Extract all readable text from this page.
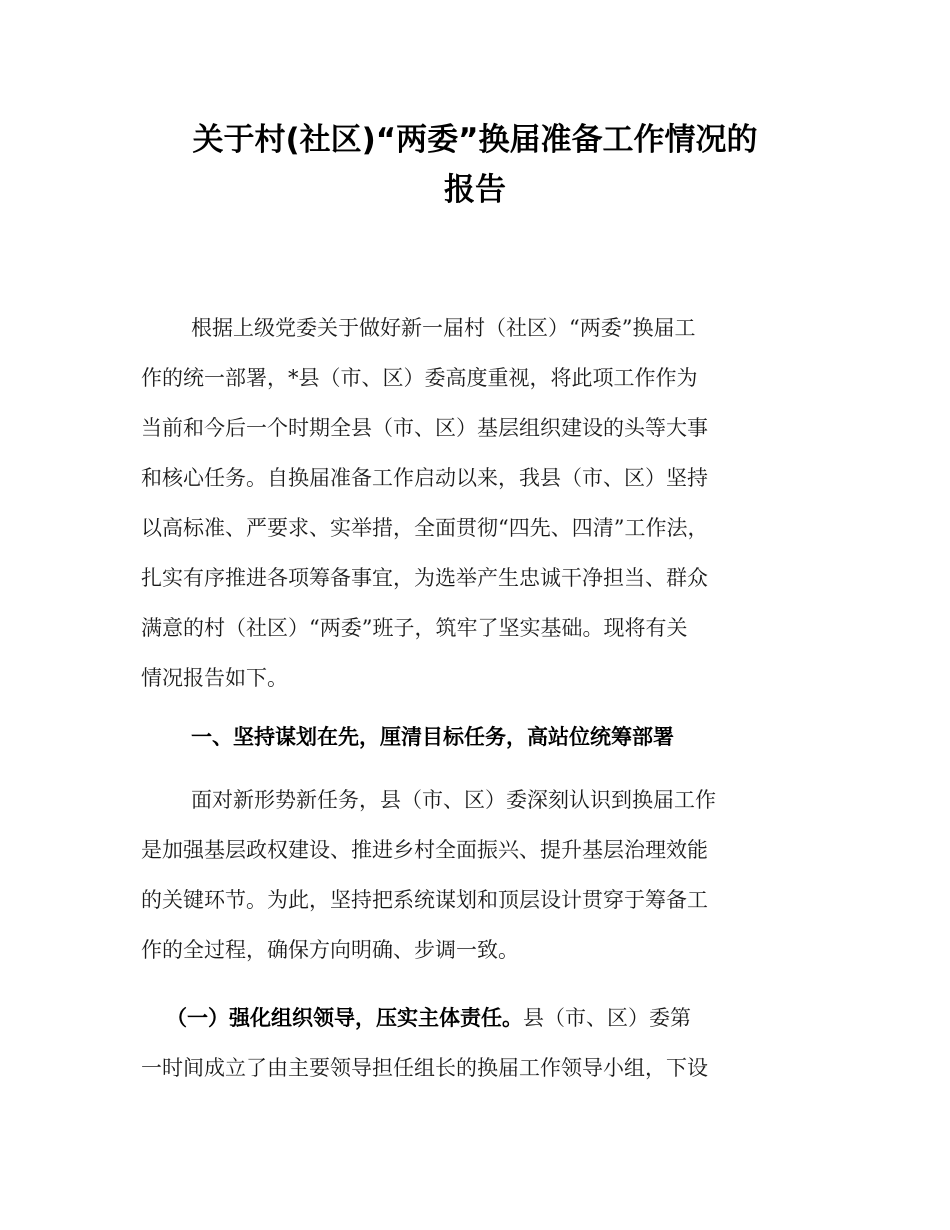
关于村(社区)“两委”换届准备工作情况的
报告
根据上级党委关于做好新一届村（社区）“两委”换届工
作的统一部署，*县（市、区）委高度重视，将此项工作作为
当前和今后一个时期全县（市、区）基层组织建设的头等大事
和核心任务。自换届准备工作启动以来，我县（市、区）坚持
以高标准、严要求、实举措，全面贯彻“四先、四清”工作法，
扎实有序推进各项筹备事宜，为选举产生忠诚干净担当、群众
满意的村（社区）“两委”班子，筑牢了坚实基础。现将有关
情况报告如下。
一、坚持谋划在先，厘清目标任务，高站位统筹部署
面对新形势新任务，县（市、区）委深刻认识到换届工作
是加强基层政权建设、推进乡村全面振兴、提升基层治理效能
的关键环节。为此，坚持把系统谋划和顶层设计贯穿于筹备工
作的全过程，确保方向明确、步调一致。
（一）强化组织领导，压实主体责任。县（市、区）委第
一时间成立了由主要领导担任组长的换届工作领导小组，下设
